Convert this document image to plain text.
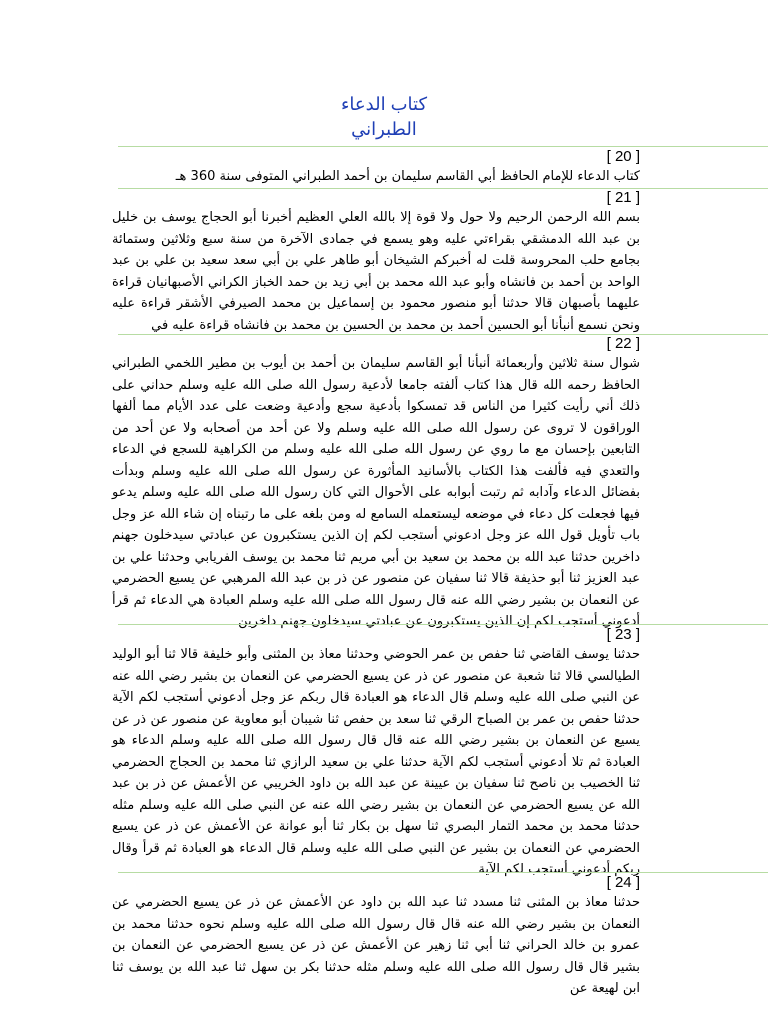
كتاب الدعاء
الطبراني
[ 20 ]
كتاب الدعاء للإمام الحافظ أبي القاسم سليمان بن أحمد الطبراني المتوفى سنة 360 هـ
[ 21 ]
بسم الله الرحمن الرحيم ولا حول ولا قوة إلا بالله العلي العظيم أخبرنا أبو الحجاج يوسف بن خليل بن عبد الله الدمشقي بقراءتي عليه وهو يسمع في جمادى الآخرة من سنة سبع وثلاثين وستمائة بجامع حلب المحروسة قلت له أخبركم الشيخان أبو طاهر علي بن أبي سعد سعيد بن علي بن عبد الواحد بن أحمد بن فانشاه وأبو عبد الله محمد بن أبي زيد بن حمد الخباز الكراني الأصبهانيان قراءة عليهما بأصبهان قالا حدثنا أبو منصور محمود بن إسماعيل بن محمد الصيرفي الأشقر قراءة عليه ونحن نسمع أنبأنا أبو الحسين أحمد بن محمد بن الحسين بن محمد بن فانشاه قراءة عليه في
[ 22 ]
شوال سنة ثلاثين وأربعمائة أنبأنا أبو القاسم سليمان بن أحمد بن أيوب بن مطير اللخمي الطبراني الحافظ رحمه الله قال هذا كتاب ألفته جامعا لأدعية رسول الله صلى الله عليه وسلم حداني على ذلك أني رأيت كثيرا من الناس قد تمسكوا بأدعية سجع وأدعية وضعت على عدد الأيام مما ألفها الوراقون لا تروى عن رسول الله صلى الله عليه وسلم ولا عن أحد من أصحابه ولا عن أحد من التابعين بإحسان مع ما روي عن رسول الله صلى الله عليه وسلم من الكراهية للسجع في الدعاء والتعدي فيه فألفت هذا الكتاب بالأسانيد المأثورة عن رسول الله صلى الله عليه وسلم وبدأت بفضائل الدعاء وآدابه ثم رتبت أبوابه على الأحوال التي كان رسول الله صلى الله عليه وسلم يدعو فيها فجعلت كل دعاء في موضعه ليستعمله السامع له ومن بلغه على ما رتبناه إن شاء الله عز وجل باب تأويل قول الله عز وجل ادعوني أستجب لكم إن الذين يستكبرون عن عبادتي سيدخلون جهنم داخرين حدثنا عبد الله بن محمد بن سعيد بن أبي مريم ثنا محمد بن يوسف الفريابي وحدثنا علي بن عبد العزيز ثنا أبو حذيفة قالا ثنا سفيان عن منصور عن ذر بن عبد الله المرهبي عن يسيع الحضرمي عن النعمان بن بشير رضي الله عنه قال رسول الله صلى الله عليه وسلم العبادة هي الدعاء ثم قرأ أدعوني أستجب لكم إن الذين يستكبرون عن عبادتي سيدخلون جهنم داخرين
[ 23 ]
حدثنا يوسف القاضي ثنا حفص بن عمر الحوضي وحدثنا معاذ بن المثنى وأبو خليفة قالا ثنا أبو الوليد الطيالسي قالا ثنا شعبة عن منصور عن ذر عن يسيع الحضرمي عن النعمان بن بشير رضي الله عنه عن النبي صلى الله عليه وسلم قال الدعاء هو العبادة قال ربكم عز وجل أدعوني أستجب لكم الآية حدثنا حفص بن عمر بن الصباح الرقي ثنا سعد بن حفص ثنا شيبان أبو معاوية عن منصور عن ذر عن يسيع عن النعمان بن بشير رضي الله عنه قال قال رسول الله صلى الله عليه وسلم الدعاء هو العبادة ثم تلا أدعوني أستجب لكم الآية حدثنا علي بن سعيد الرازي ثنا محمد بن الحجاج الحضرمي ثنا الخصيب بن ناصح ثنا سفيان بن عيينة عن عبد الله بن داود الخريبي عن الأعمش عن ذر بن عبد الله عن يسيع الحضرمي عن النعمان بن بشير رضي الله عنه عن النبي صلى الله عليه وسلم مثله حدثنا محمد بن محمد التمار البصري ثنا سهل بن بكار ثنا أبو عوانة عن الأعمش عن ذر عن يسيع الحضرمي عن النعمان بن بشير عن النبي صلى الله عليه وسلم قال الدعاء هو العبادة ثم قرأ وقال ربكم أدعوني أستجب لكم الآية
[ 24 ]
حدثنا معاذ بن المثنى ثنا مسدد ثنا عبد الله بن داود عن الأعمش عن ذر عن يسيع الحضرمي عن النعمان بن بشير رضي الله عنه قال قال رسول الله صلى الله عليه وسلم نحوه حدثنا محمد بن عمرو بن خالد الحراني ثنا أبي ثنا زهير عن الأعمش عن ذر عن يسيع الحضرمي عن النعمان بن بشير قال قال رسول الله صلى الله عليه وسلم مثله حدثنا بكر بن سهل ثنا عبد الله بن يوسف ثنا ابن لهيعة عن
